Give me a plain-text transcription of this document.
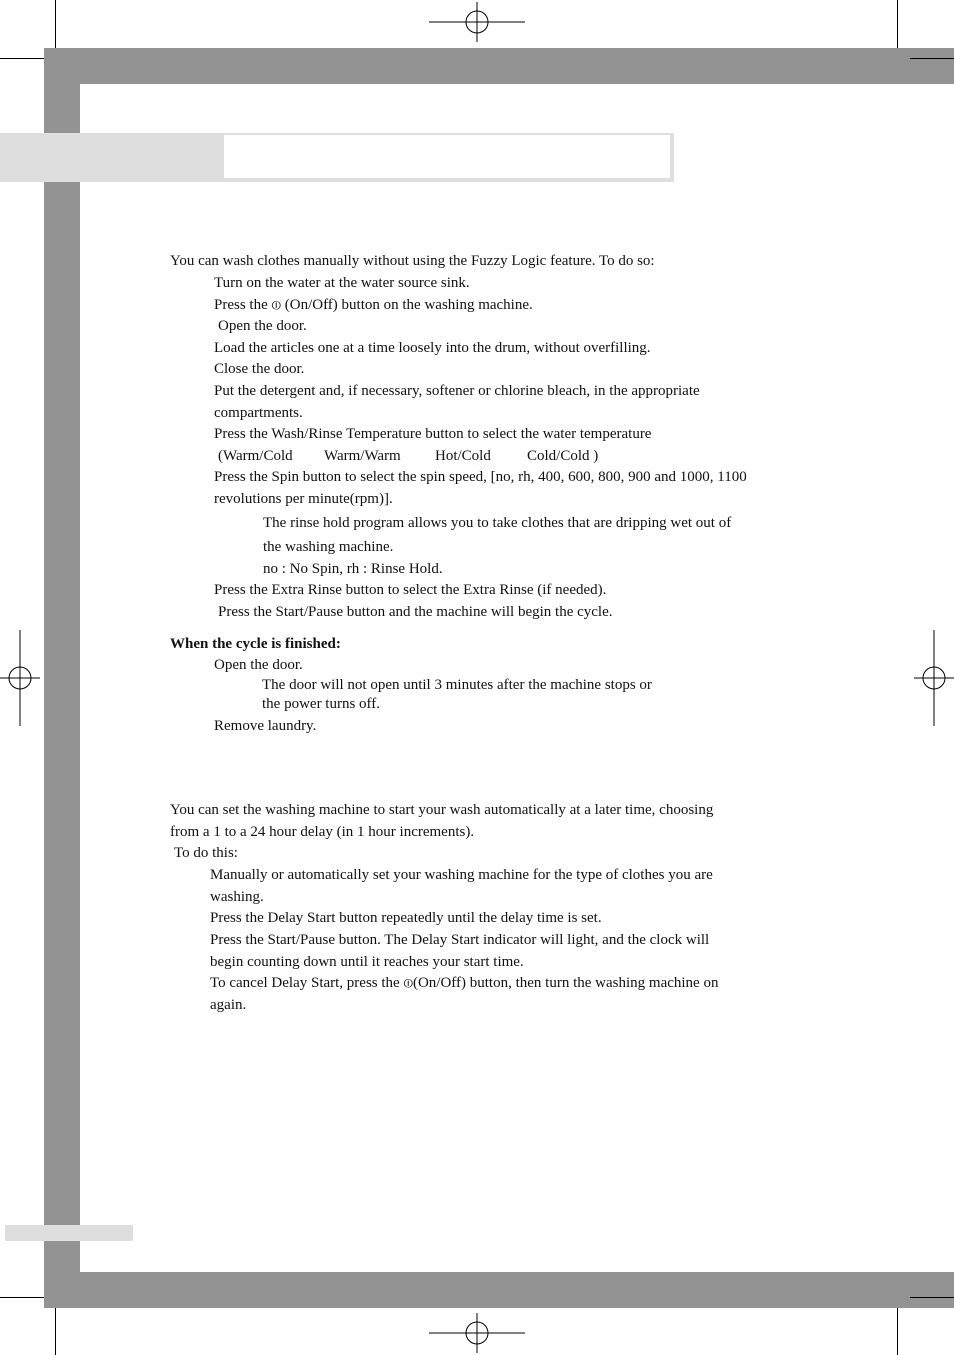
You can wash clothes manually without using the Fuzzy Logic feature. To do so:
Turn on the water at the water source sink.
Press the ⏼ (On/Off) button on the washing machine.
Open the door.
Load the articles one at a time loosely into the drum, without overfilling.
Close the door.
Put the detergent and, if necessary, softener or chlorine bleach, in the appropriate
compartments.
Press the Wash/Rinse Temperature button to select the water temperature
(Warm/Cold Warm/Warm Hot/Cold Cold/Cold )
Press the Spin button to select the spin speed, [no, rh, 400, 600, 800, 900 and 1000, 1100
revolutions per minute(rpm)].
The rinse hold program allows you to take clothes that are dripping wet out of
the washing machine.
no : No Spin, rh : Rinse Hold.
Press the Extra Rinse button to select the Extra Rinse (if needed).
Press the Start/Pause button and the machine will begin the cycle.
When the cycle is finished:
Open the door.
The door will not open until 3 minutes after the machine stops or
the power turns off.
Remove laundry.
You can set the washing machine to start your wash automatically at a later time, choosing
from a 1 to a 24 hour delay (in 1 hour increments).
To do this:
Manually or automatically set your washing machine for the type of clothes you are
washing.
Press the Delay Start button repeatedly until the delay time is set.
Press the Start/Pause button. The Delay Start indicator will light, and the clock will
begin counting down until it reaches your start time.
To cancel Delay Start, press the ⏼(On/Off) button, then turn the washing machine on
again.
